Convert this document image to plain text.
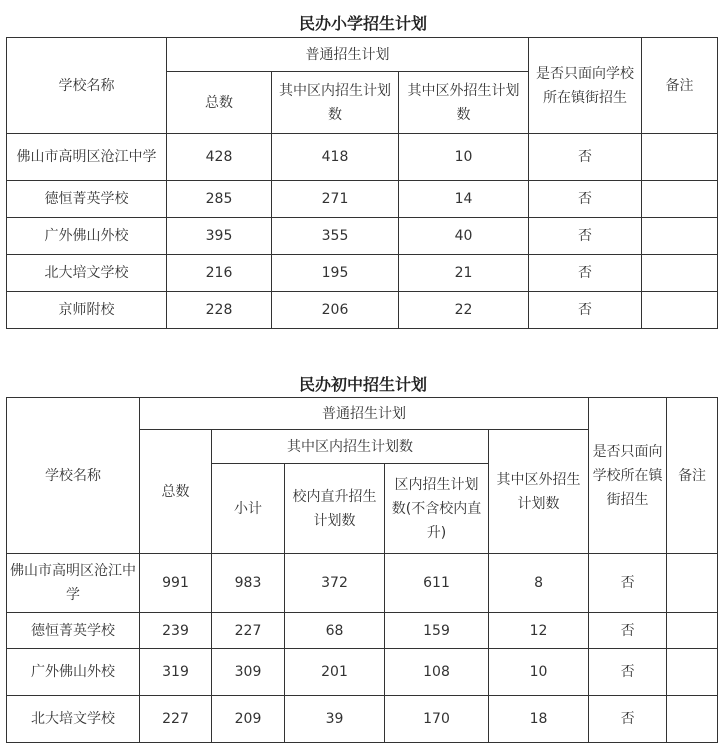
民办小学招生计划
学校名称	普通招生计划			是否只面向学校所在镇街招生	备注
	总数	其中区内招生计划数	其中区外招生计划数		
佛山市高明区沧江中学	428	418	10	否	
德恒菁英学校	285	271	14	否	
广外佛山外校	395	355	40	否	
北大培文学校	216	195	21	否	
京师附校	228	206	22	否	
民办初中招生计划
学校名称	普通招生计划					是否只面向学校所在镇街招生	备注
	总数	其中区内招生计划数			其中区外招生计划数		
		小计	校内直升招生计划数	区内招生计划数(不含校内直升)			
佛山市高明区沧江中学	991	983	372	611	8	否	
德恒菁英学校	239	227	68	159	12	否	
广外佛山外校	319	309	201	108	10	否	
北大培文学校	227	209	39	170	18	否	
